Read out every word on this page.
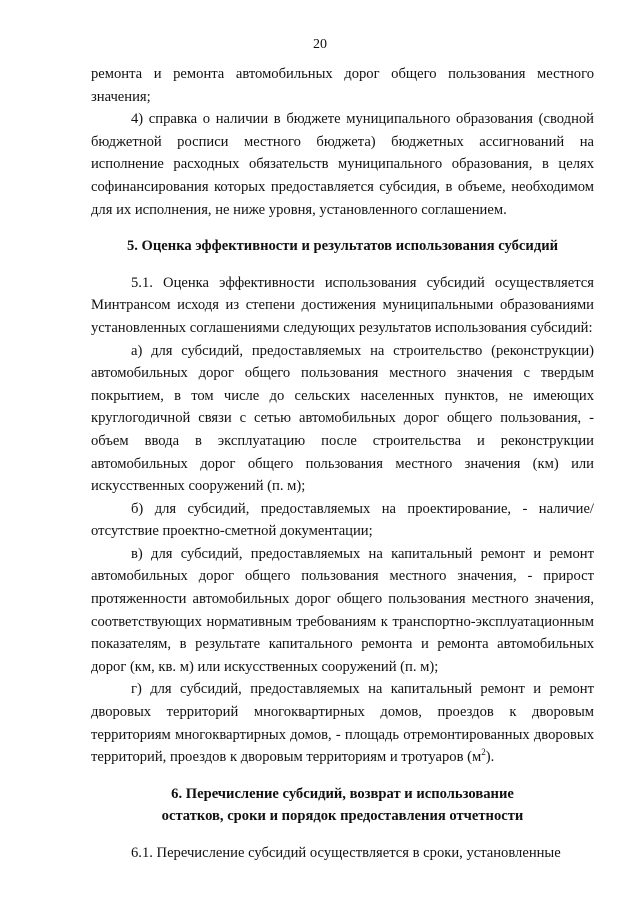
20

ремонта и ремонта автомобильных дорог общего пользования местного значения;

4) справка о наличии в бюджете муниципального образования (сводной бюджетной росписи местного бюджета) бюджетных ассигнований на исполнение расходных обязательств муниципального образования, в целях софинансирования которых предоставляется субсидия, в объеме, необходимом для их исполнения, не ниже уровня, установленного соглашением.

5. Оценка эффективности и результатов использования субсидий

5.1. Оценка эффективности использования субсидий осуществляется Минтрансом исходя из степени достижения муниципальными образованиями установленных соглашениями следующих результатов использования субсидий:

а) для субсидий, предоставляемых на строительство (реконструкции) автомобильных дорог общего пользования местного значения с твердым покрытием, в том числе до сельских населенных пунктов, не имеющих круглогодичной связи с сетью автомобильных дорог общего пользования, - объем ввода в эксплуатацию после строительства и реконструкции автомобильных дорог общего пользования местного значения (км) или искусственных сооружений (п. м);

б) для субсидий, предоставляемых на проектирование, - наличие/отсутствие проектно-сметной документации;

в) для субсидий, предоставляемых на капитальный ремонт и ремонт автомобильных дорог общего пользования местного значения, - прирост протяженности автомобильных дорог общего пользования местного значения, соответствующих нормативным требованиям к транспортно-эксплуатационным показателям, в результате капитального ремонта и ремонта автомобильных дорог (км, кв. м) или искусственных сооружений (п. м);

г) для субсидий, предоставляемых на капитальный ремонт и ремонт дворовых территорий многоквартирных домов, проездов к дворовым территориям многоквартирных домов, - площадь отремонтированных дворовых территорий, проездов к дворовым территориям и тротуаров $(м^2)$.

6. Перечисление субсидий, возврат и использование

остатков, сроки и порядок предоставления отчетности

6.1. Перечисление субсидий осуществляется в сроки, установленные
